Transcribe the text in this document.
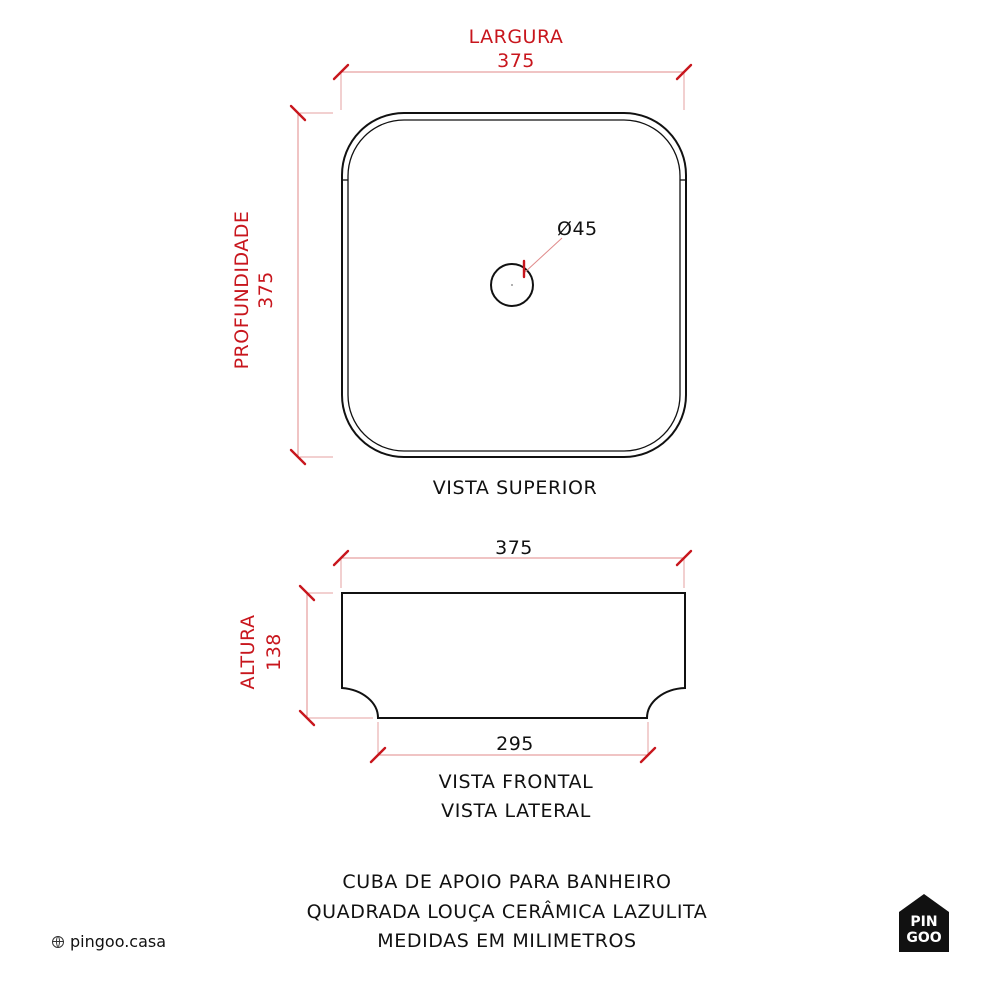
LARGURA
375
PROFUNDIDADE 375
Ø45
VISTA SUPERIOR
375
ALTURA 138
295
VISTA FRONTAL
VISTA LATERAL
CUBA DE APOIO PARA BANHEIRO
QUADRADA LOUÇA CERÂMICA LAZULITA
MEDIDAS EM MILIMETROS
pingoo.casa
PIN
GOO
